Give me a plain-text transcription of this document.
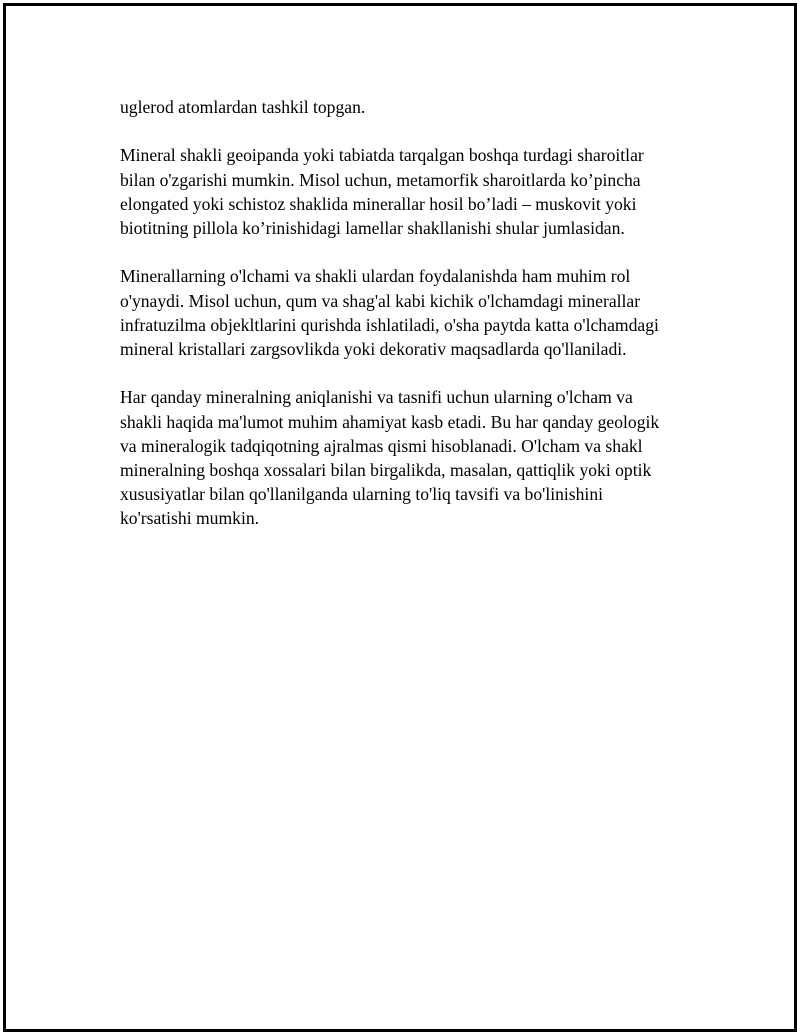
uglerod atomlardan tashkil topgan.

Mineral shakli geoipanda yoki tabiatda tarqalgan boshqa turdagi sharoitlar
bilan o'zgarishi mumkin. Misol uchun, metamorfik sharoitlarda ko’pincha
elongated yoki schistoz shaklida minerallar hosil bo’ladi – muskovit yoki
biotitning pillola ko’rinishidagi lamellar shakllanishi shular jumlasidan.

Minerallarning o'lchami va shakli ulardan foydalanishda ham muhim rol
o'ynaydi. Misol uchun, qum va shag'al kabi kichik o'lchamdagi minerallar
infratuzilma objekltlarini qurishda ishlatiladi, o'sha paytda katta o'lchamdagi
mineral kristallari zargsovlikda yoki dekorativ maqsadlarda qo'llaniladi.

Har qanday mineralning aniqlanishi va tasnifi uchun ularning o'lcham va
shakli haqida ma'lumot muhim ahamiyat kasb etadi. Bu har qanday geologik
va mineralogik tadqiqotning ajralmas qismi hisoblanadi. O'lcham va shakl
mineralning boshqa xossalari bilan birgalikda, masalan, qattiqlik yoki optik
xususiyatlar bilan qo'llanilganda ularning to'liq tavsifi va bo'linishini
ko'rsatishi mumkin.
